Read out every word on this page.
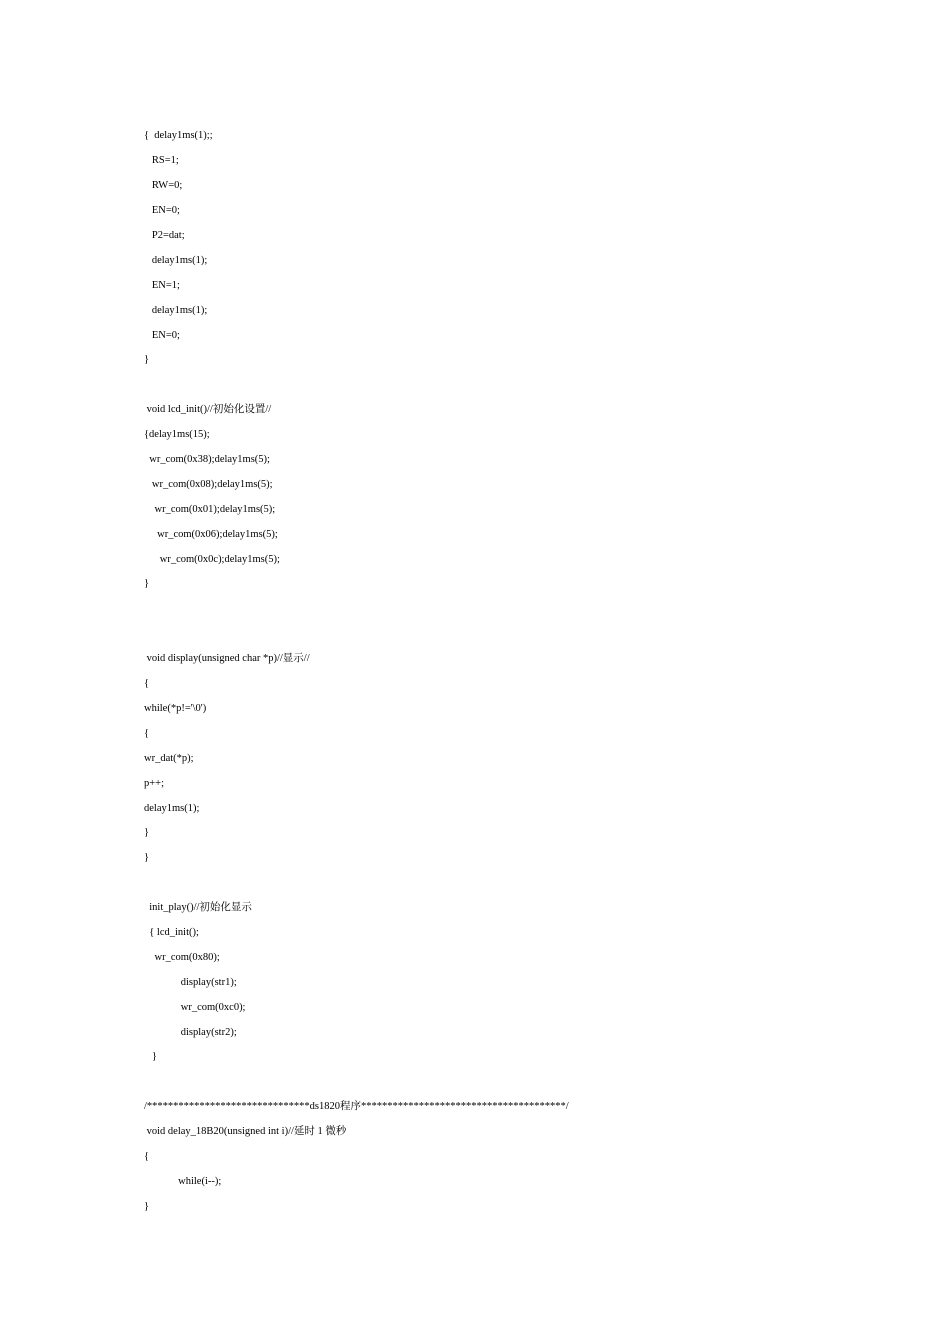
{  delay1ms(1);;
RS=1;
RW=0;
EN=0;
P2=dat;
delay1ms(1);
EN=1;
delay1ms(1);
EN=0;
}
void lcd_init()//初始化设置//
{delay1ms(15);
wr_com(0x38);delay1ms(5);
wr_com(0x08);delay1ms(5);
wr_com(0x01);delay1ms(5);
wr_com(0x06);delay1ms(5);
wr_com(0x0c);delay1ms(5);
}
void display(unsigned char *p)//显示//
{
while(*p!='\0')
{
wr_dat(*p);
p++;
delay1ms(1);
}
}
init_play()//初始化显示
{ lcd_init();
wr_com(0x80);
display(str1);
wr_com(0xc0);
display(str2);
}
/*******************************ds1820程序***************************************/
void delay_18B20(unsigned int i)//延时 1 微秒
{
while(i--);
}
